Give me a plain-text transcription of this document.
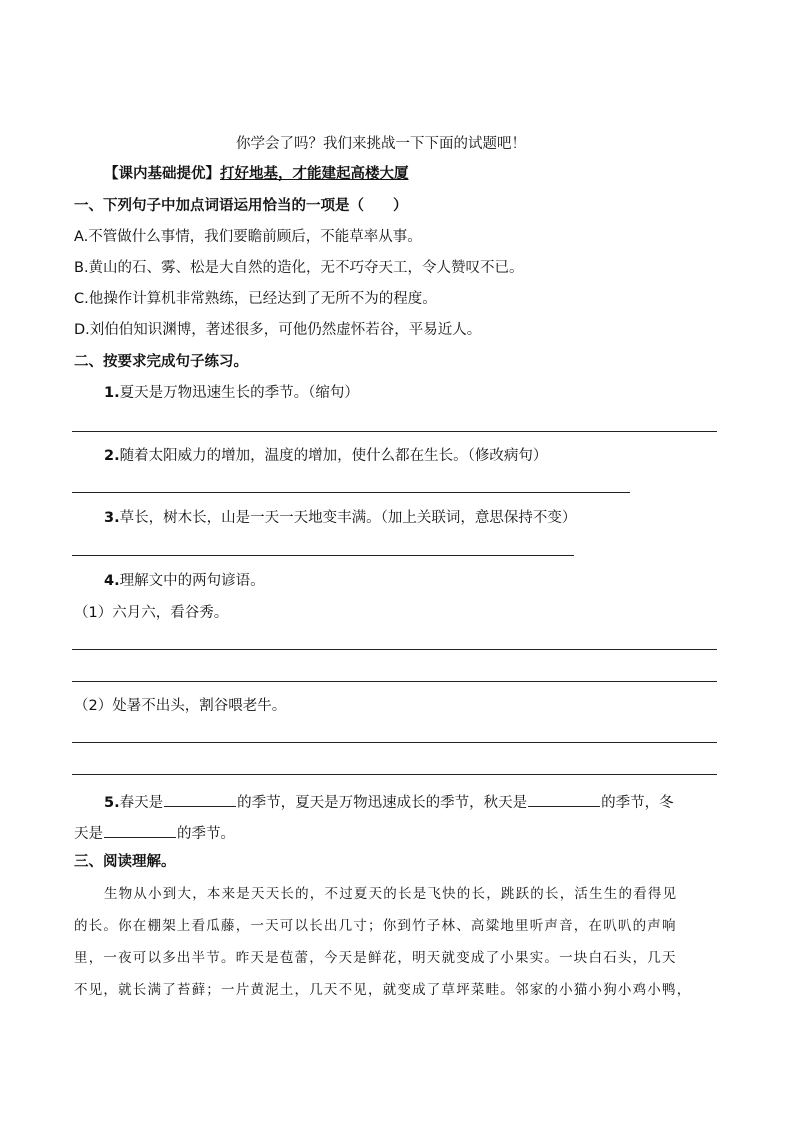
你学会了吗？我们来挑战一下下面的试题吧！
【课内基础提优】打好地基，才能建起高楼大厦
一、下列句子中加点词语运用恰当的一项是（　　）
A.不管做什么事情，我们要瞻前顾后，不能草率从事。
B.黄山的石、雾、松是大自然的造化，无不巧夺天工，令人赞叹不已。
C.他操作计算机非常熟练，已经达到了无所不为的程度。
D.刘伯伯知识渊博，著述很多，可他仍然虚怀若谷，平易近人。
二、按要求完成句子练习。
1.夏天是万物迅速生长的季节。（缩句）
2.随着太阳威力的增加，温度的增加，使什么都在生长。（修改病句）
3.草长，树木长，山是一天一天地变丰满。（加上关联词，意思保持不变）
4.理解文中的两句谚语。
（1）六月六，看谷秀。
（2）处暑不出头，割谷喂老牛。
5.春天是	的季节，夏天是万物迅速成长的季节，秋天是	的季节，冬
天是	的季节。
三、阅读理解。
生物从小到大，本来是天天长的，不过夏天的长是飞快的长，跳跃的长，活生生的看得见
的长。你在棚架上看瓜藤，一天可以长出几寸；你到竹子林、高粱地里听声音，在叭叭的声响
里，一夜可以多出半节。昨天是苞蕾，今天是鲜花，明天就变成了小果实。一块白石头，几天
不见，就长满了苔藓；一片黄泥土，几天不见，就变成了草坪菜畦。邻家的小猫小狗小鸡小鸭，
